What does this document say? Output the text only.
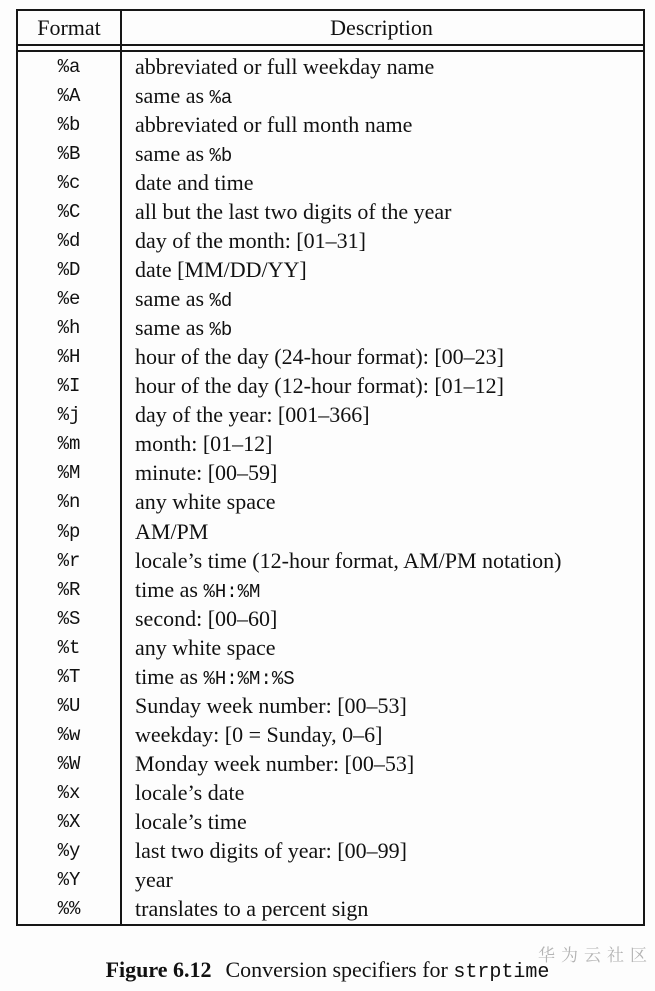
Format	Description
%a	abbreviated or full weekday name
%A	same as %a
%b	abbreviated or full month name
%B	same as %b
%c	date and time
%C	all but the last two digits of the year
%d	day of the month: [01–31]
%D	date [MM/DD/YY]
%e	same as %d
%h	same as %b
%H	hour of the day (24-hour format): [00–23]
%I	hour of the day (12-hour format): [01–12]
%j	day of the year: [001–366]
%m	month: [01–12]
%M	minute: [00–59]
%n	any white space
%p	AM/PM
%r	locale’s time (12-hour format, AM/PM notation)
%R	time as %H:%M
%S	second: [00–60]
%t	any white space
%T	time as %H:%M:%S
%U	Sunday week number: [00–53]
%w	weekday: [0 = Sunday, 0–6]
%W	Monday week number: [00–53]
%x	locale’s date
%X	locale’s time
%y	last two digits of year: [00–99]
%Y	year
%%	translates to a percent sign
Figure 6.12 Conversion specifiers for strptime
华为云社区
